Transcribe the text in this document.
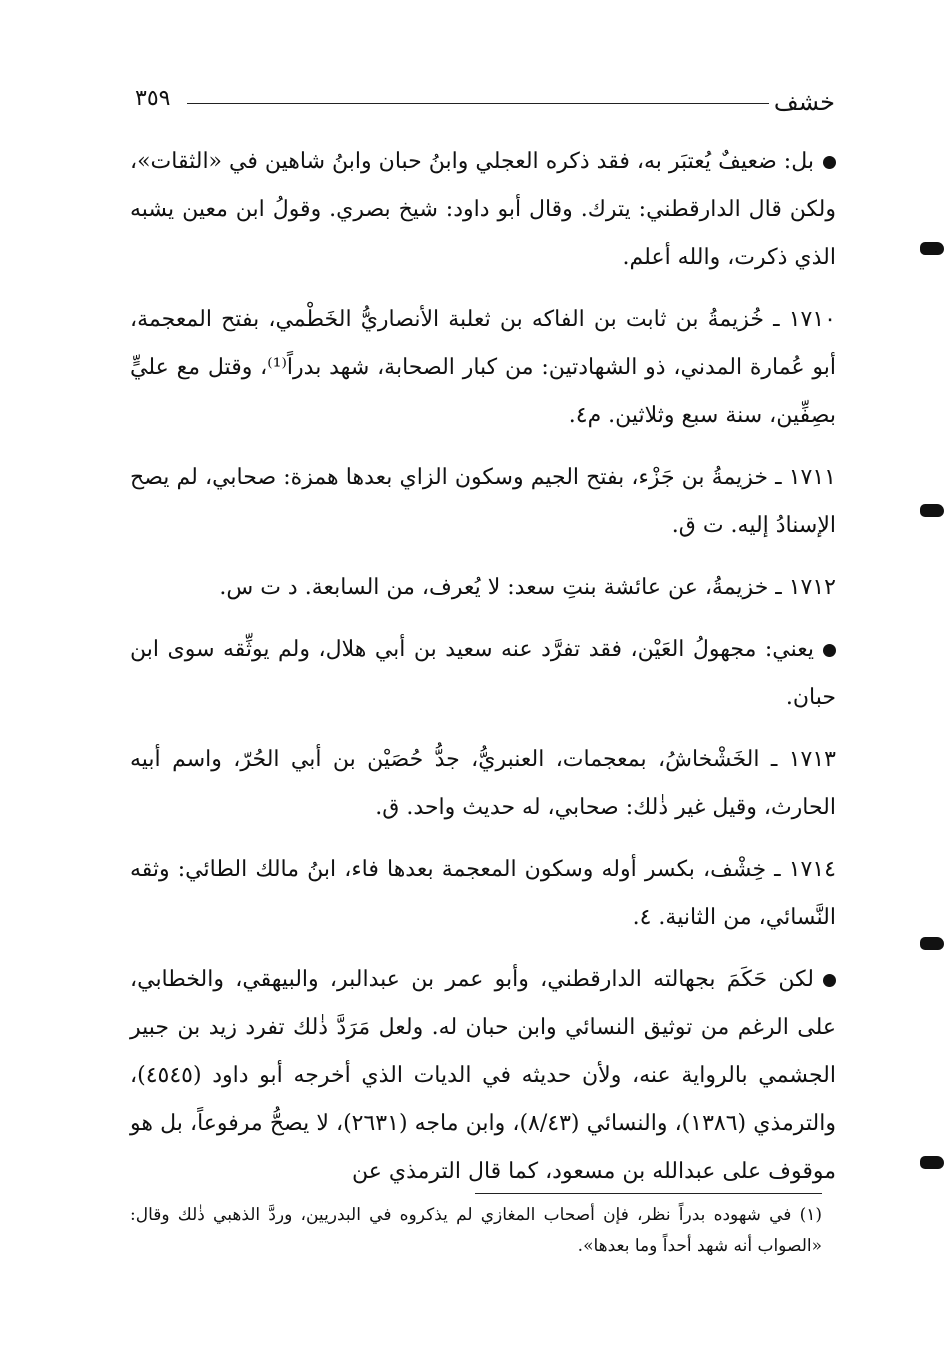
خشف
٣٥٩

بل: ضعيفٌ يُعتبَر به، فقد ذكره العجلي وابنُ حبان وابنُ شاهين في «الثقات»، ولكن قال الدارقطني: يترك. وقال أبو داود: شيخ بصري. وقولُ ابن معين يشبه الذي ذكرت، والله أعلم.

١٧١٠ ـ خُزيمةُ بن ثابت بن الفاكه بن ثعلبة الأنصاريُّ الخَطْمي، بفتح المعجمة، أبو عُمارة المدني، ذو الشهادتين: من كبار الصحابة، شهد بدراً⁽¹⁾، وقتل مع عليٍّ بصِفِّين، سنة سبع وثلاثين. م٤.

١٧١١ ـ خزيمةُ بن جَزْء، بفتح الجيم وسكون الزاي بعدها همزة: صحابي، لم يصح الإسنادُ إليه. ت ق.

١٧١٢ ـ خزيمةُ، عن عائشة بنتِ سعد: لا يُعرف، من السابعة. د ت س.

يعني: مجهولُ العَيْن، فقد تفرَّد عنه سعيد بن أبي هلال، ولم يوثِّقه سوى ابن حبان.

١٧١٣ ـ الخَشْخاشُ، بمعجمات، العنبريُّ، جدُّ حُصَيْن بن أبي الحُرّ، واسم أبيه الحارث، وقيل غير ذٰلك: صحابي، له حديث واحد. ق.

١٧١٤ ـ خِشْف، بكسر أوله وسكون المعجمة بعدها فاء، ابنُ مالك الطائي: وثقه النَّسائي، من الثانية. ٤.

لكن حَكَمَ بجهالته الدارقطني، وأبو عمر بن عبدالبر، والبيهقي، والخطابي، على الرغم من توثيق النسائي وابن حبان له. ولعل مَرَدَّ ذٰلك تفرد زيد بن جبير الجشمي بالرواية عنه، ولأن حديثه في الديات الذي أخرجه أبو داود (٤٥٤٥)، والترمذي (١٣٨٦)، والنسائي (٨/٤٣)، وابن ماجه (٢٦٣١)، لا يصحُّ مرفوعاً، بل هو موقوف على عبدالله بن مسعود، كما قال الترمذي عن

(١) في شهوده بدراً نظر، فإن أصحاب المغازي لم يذكروه في البدريين، وردَّ الذهبي ذٰلك وقال: «الصواب أنه شهد أحداً وما بعدها».
